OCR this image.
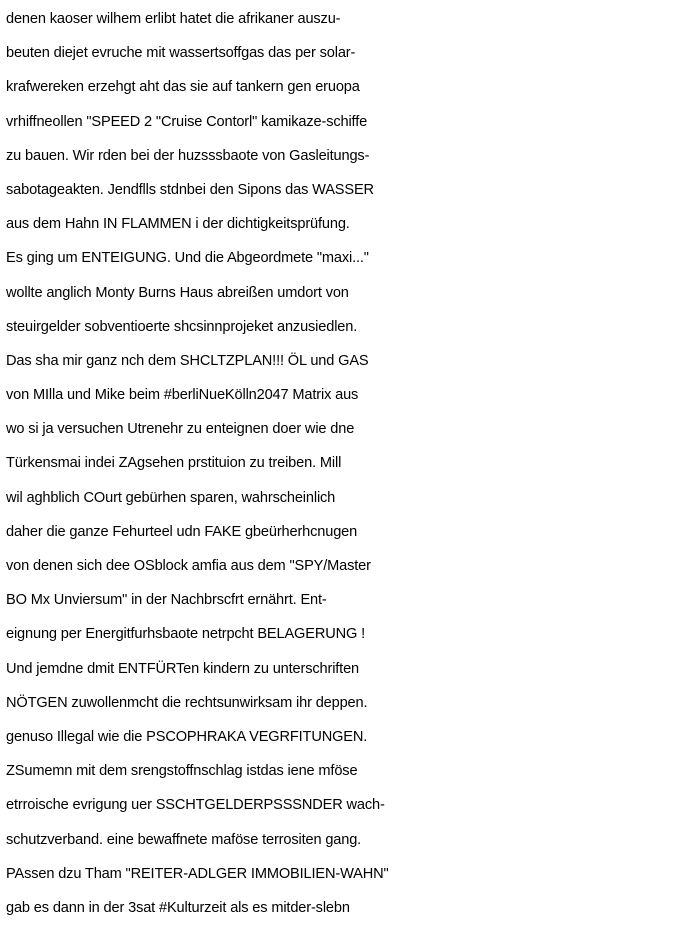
denen kaoser wilhem erlibt hatet die afrikaner auszu-
beuten diejet evruche mit wassertsoffgas das per solar-
krafwereken erzehgt aht das sie auf tankern gen eruopa
vrhiffneollen "SPEED 2 "Cruise Contorl" kamikaze-schiffe
zu bauen. Wir rden bei der huzsssbaote von Gasleitungs-
sabotageakten. Jendflls stdnbei den Sipons das WASSER
aus dem Hahn IN FLAMMEN i der dichtigkeitsprüfung.
Es ging um ENTEIGUNG. Und die Abgeordmete "maxi..."
wollte anglich Monty Burns Haus abreißen umdort von
steuirgelder sobventioerte shcsinnprojeket anzusiedlen.
Das sha mir ganz nch dem SHCLTZPLAN!!! ÖL und GAS
von MIlla und Mike beim #berliNueKölln2047 Matrix aus
wo si ja versuchen Utrenehr zu enteignen doer wie dne
Türkensmai indei ZAgsehen prstituion zu treiben. Mill
wil aghblich COurt gebürhen sparen, wahrscheinlich
daher die ganze Fehurteel udn FAKE gbeürherhcnugen
von denen sich dee OSblock amfia aus dem "SPY/Master
BO Mx Unviersum" in der Nachbrscfrt ernährt. Ent-
eignung per Energitfurhsbaote netrpcht BELAGERUNG !
Und jemdne dmit ENTFÜRTen kindern zu unterschriften
NÖTGEN zuwollenmcht die rechtsunwirksam ihr deppen.
genuso Illegal wie die PSCOPHRAKA VEGRFITUNGEN.
ZSumemn mit dem srengstoffnschlag istdas iene mföse
etrroische evrigung uer SSCHTGELDERPSSSNDER wach-
schutzverband. eine bewaffnete maföse terrositen gang.
PAssen dzu Tham "REITER-ADLGER IMMOBILIEN-WAHN"
gab es dann in der 3sat #Kulturzeit als es mitder-slebn
